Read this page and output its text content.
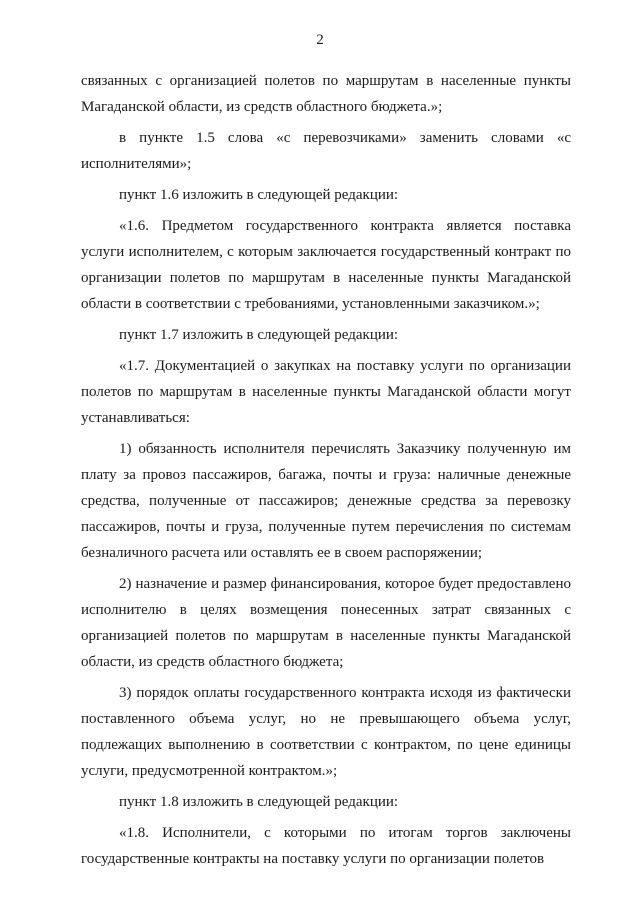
2

связанных с организацией полетов по маршрутам в населенные пункты Магаданской области, из средств областного бюджета.»;

в пункте 1.5 слова «с перевозчиками» заменить словами «с исполнителями»;

пункт 1.6 изложить в следующей редакции:

«1.6. Предметом государственного контракта является поставка услуги исполнителем, с которым заключается государственный контракт по организации полетов по маршрутам в населенные пункты Магаданской области в соответствии с требованиями, установленными заказчиком.»;

пункт 1.7 изложить в следующей редакции:

«1.7. Документацией о закупках на поставку услуги по организации полетов по маршрутам в населенные пункты Магаданской области могут устанавливаться:

1) обязанность исполнителя перечислять Заказчику полученную им плату за провоз пассажиров, багажа, почты и груза: наличные денежные средства, полученные от пассажиров; денежные средства за перевозку пассажиров, почты и груза, полученные путем перечисления по системам безналичного расчета или оставлять ее в своем распоряжении;

2) назначение и размер финансирования, которое будет предоставлено исполнителю в целях возмещения понесенных затрат связанных с организацией полетов по маршрутам в населенные пункты Магаданской области, из средств областного бюджета;

3) порядок оплаты государственного контракта исходя из фактически поставленного объема услуг, но не превышающего объема услуг, подлежащих выполнению в соответствии с контрактом, по цене единицы услуги, предусмотренной контрактом.»;

пункт 1.8 изложить в следующей редакции:

«1.8. Исполнители, с которыми по итогам торгов заключены государственные контракты на поставку услуги по организации полетов
